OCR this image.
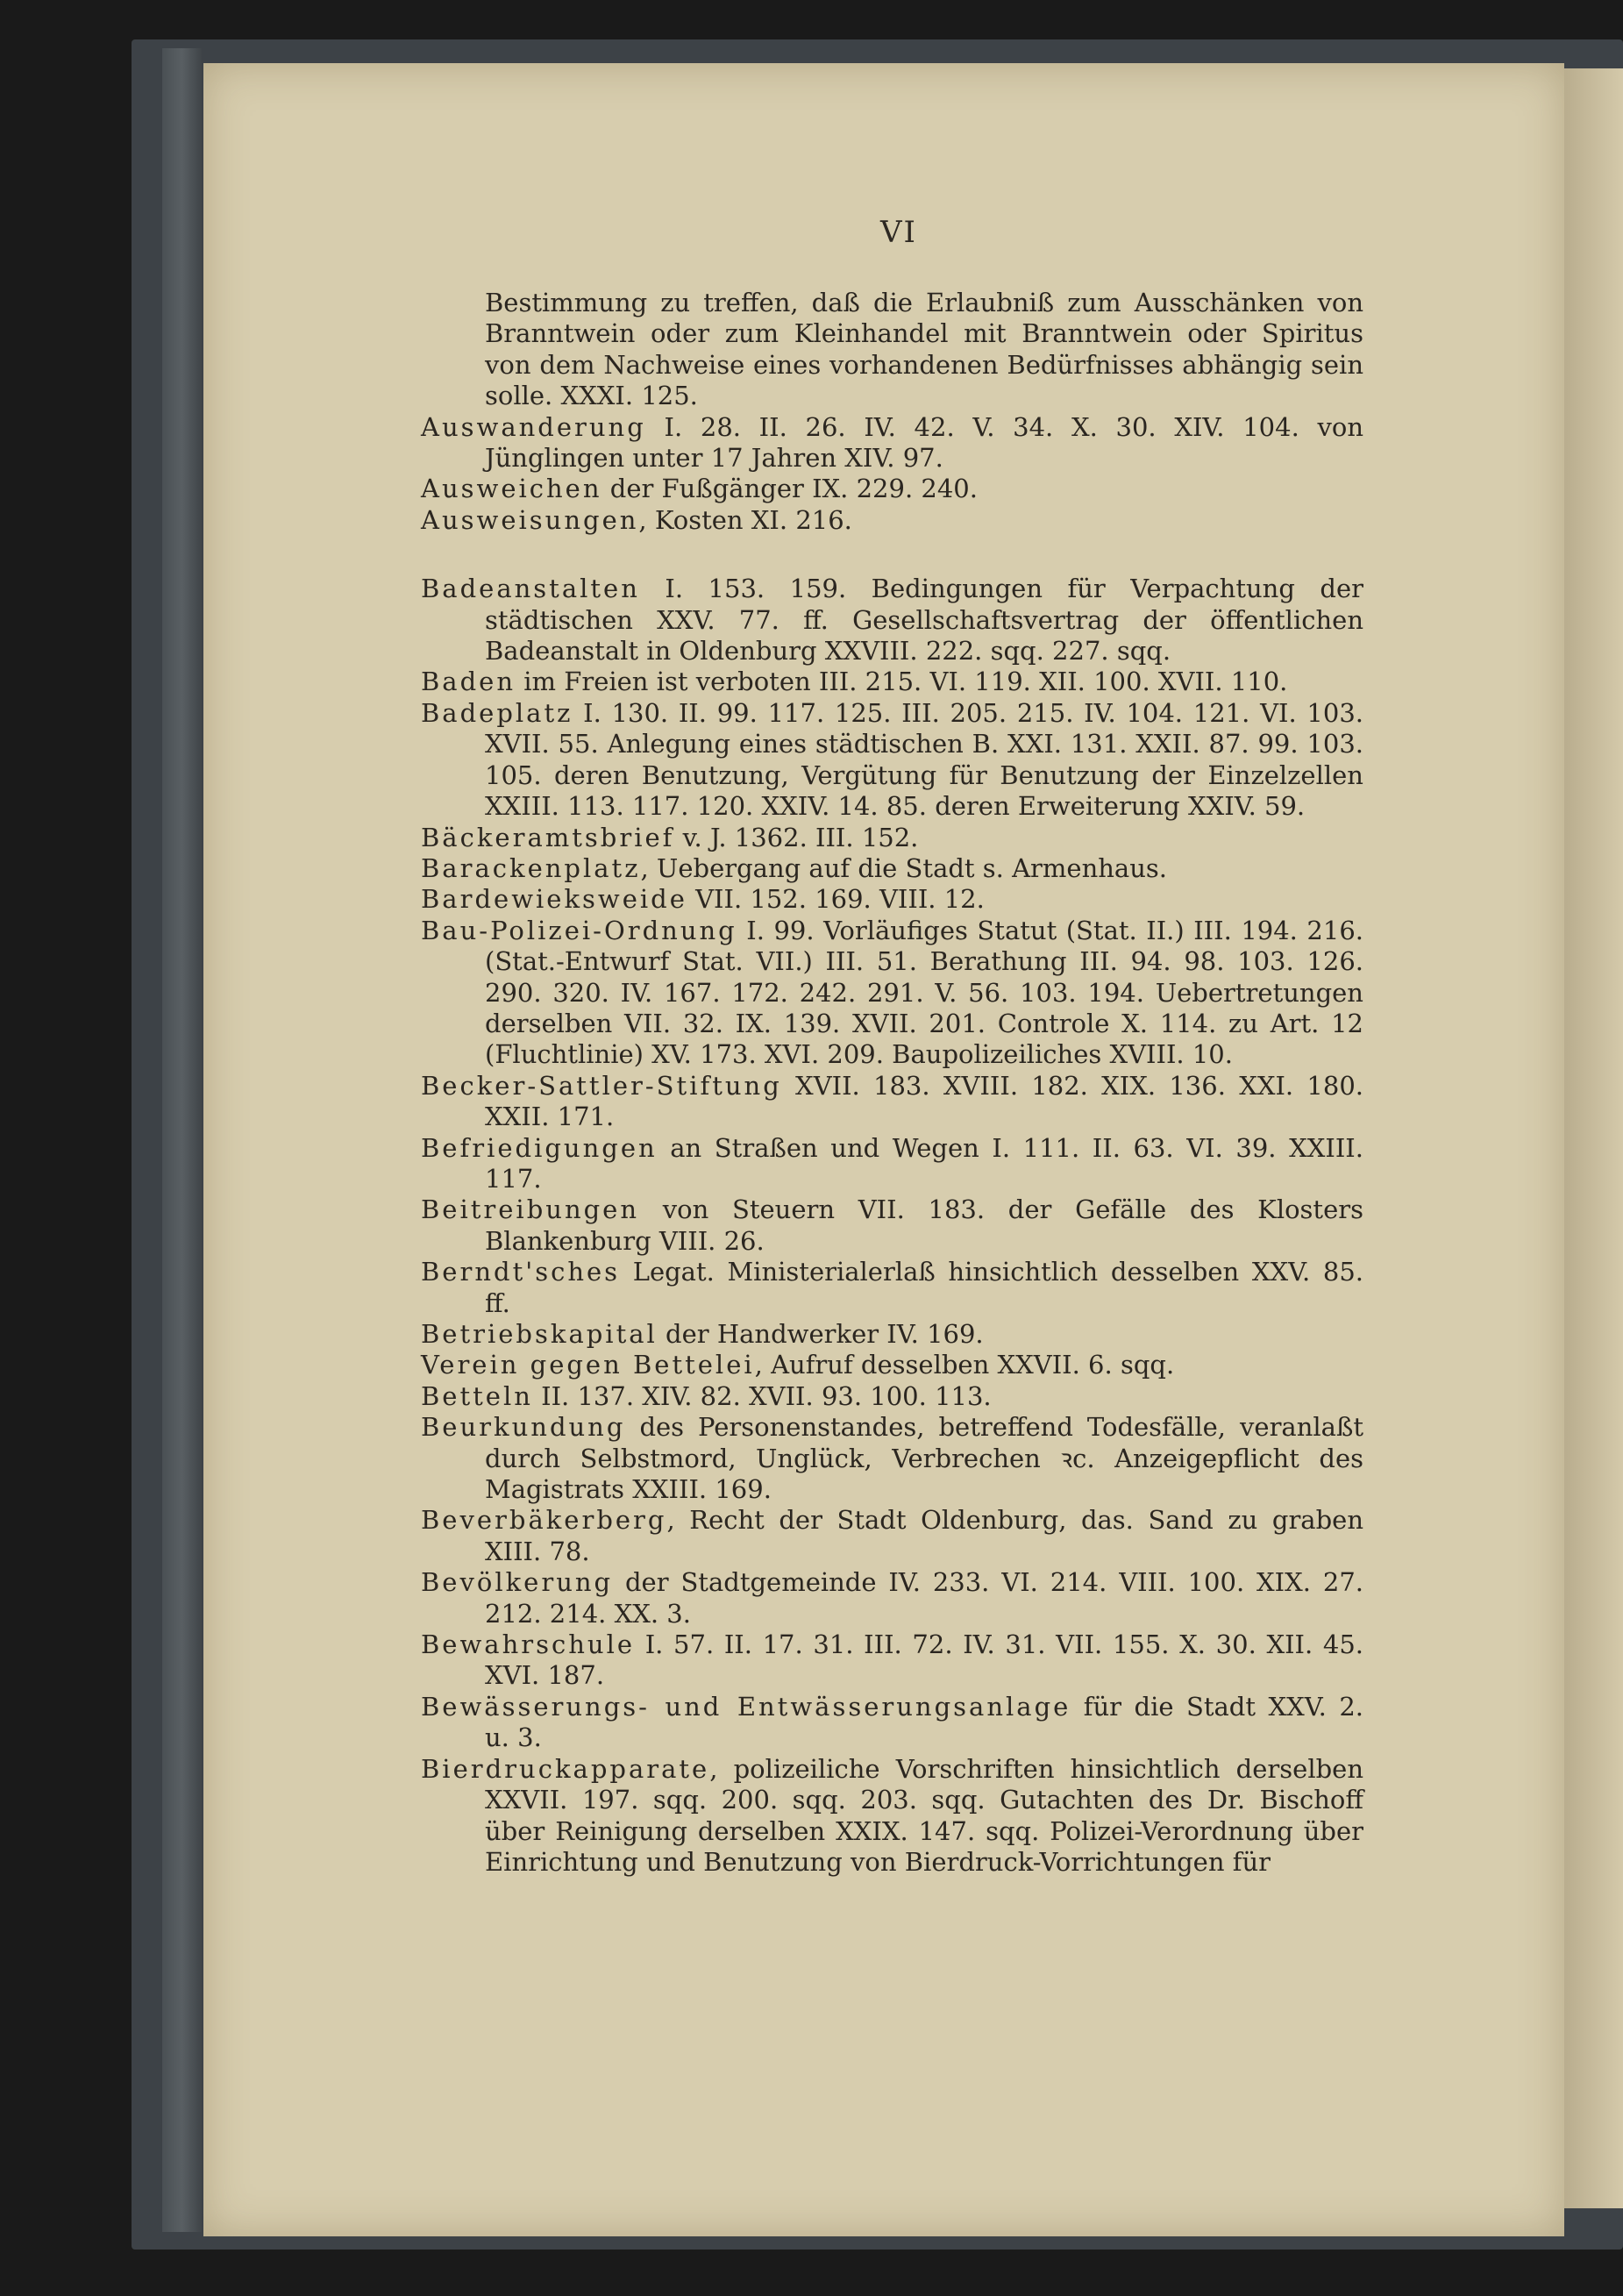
VI

Bestimmung zu treffen, daß die Erlaubniß zum Ausschänken von Branntwein oder zum Kleinhandel mit Branntwein oder Spiritus von dem Nachweise eines vorhandenen Bedürfnisses abhängig sein solle. XXXI. 125.

Auswanderung I. 28. II. 26. IV. 42. V. 34. X. 30. XIV. 104. von Jünglingen unter 17 Jahren XIV. 97.

Ausweichen der Fußgänger IX. 229. 240.

Ausweisungen, Kosten XI. 216.

Badeanstalten I. 153. 159. Bedingungen für Verpachtung der städtischen XXV. 77. ff. Gesellschaftsvertrag der öffentlichen Badeanstalt in Oldenburg XXVIII. 222. sqq. 227. sqq.

Baden im Freien ist verboten III. 215. VI. 119. XII. 100. XVII. 110.

Badeplatz I. 130. II. 99. 117. 125. III. 205. 215. IV. 104. 121. VI. 103. XVII. 55. Anlegung eines städtischen B. XXI. 131. XXII. 87. 99. 103. 105. deren Benutzung, Vergütung für Benutzung der Einzelzellen XXIII. 113. 117. 120. XXIV. 14. 85. deren Erweiterung XXIV. 59.

Bäckeramtsbrief v. J. 1362. III. 152.

Barackenplatz, Uebergang auf die Stadt s. Armenhaus.

Bardewieksweide VII. 152. 169. VIII. 12.

Bau-Polizei-Ordnung I. 99. Vorläufiges Statut (Stat. II.) III. 194. 216. (Stat.-Entwurf Stat. VII.) III. 51. Berathung III. 94. 98. 103. 126. 290. 320. IV. 167. 172. 242. 291. V. 56. 103. 194. Uebertretungen derselben VII. 32. IX. 139. XVII. 201. Controle X. 114. zu Art. 12 (Fluchtlinie) XV. 173. XVI. 209. Baupolizeiliches XVIII. 10.

Becker-Sattler-Stiftung XVII. 183. XVIII. 182. XIX. 136. XXI. 180. XXII. 171.

Befriedigungen an Straßen und Wegen I. 111. II. 63. VI. 39. XXIII. 117.

Beitreibungen von Steuern VII. 183. der Gefälle des Klosters Blankenburg VIII. 26.

Berndt'sches Legat. Ministerialerlaß hinsichtlich desselben XXV. 85. ff.

Betriebskapital der Handwerker IV. 169.

Verein gegen Bettelei, Aufruf desselben XXVII. 6. sqq.

Betteln II. 137. XIV. 82. XVII. 93. 100. 113.

Beurkundung des Personenstandes, betreffend Todesfälle, veranlaßt durch Selbstmord, Unglück, Verbrechen ꝛc. Anzeigepflicht des Magistrats XXIII. 169.

Beverbäkerberg, Recht der Stadt Oldenburg, das. Sand zu graben XIII. 78.

Bevölkerung der Stadtgemeinde IV. 233. VI. 214. VIII. 100. XIX. 27. 212. 214. XX. 3.

Bewahrschule I. 57. II. 17. 31. III. 72. IV. 31. VII. 155. X. 30. XII. 45. XVI. 187.

Bewässerungs- und Entwässerungsanlage für die Stadt XXV. 2. u. 3.

Bierdruckapparate, polizeiliche Vorschriften hinsichtlich derselben XXVII. 197. sqq. 200. sqq. 203. sqq. Gutachten des Dr. Bischoff über Reinigung derselben XXIX. 147. sqq. Polizei-Verordnung über Einrichtung und Benutzung von Bierdruck-Vorrichtungen für
